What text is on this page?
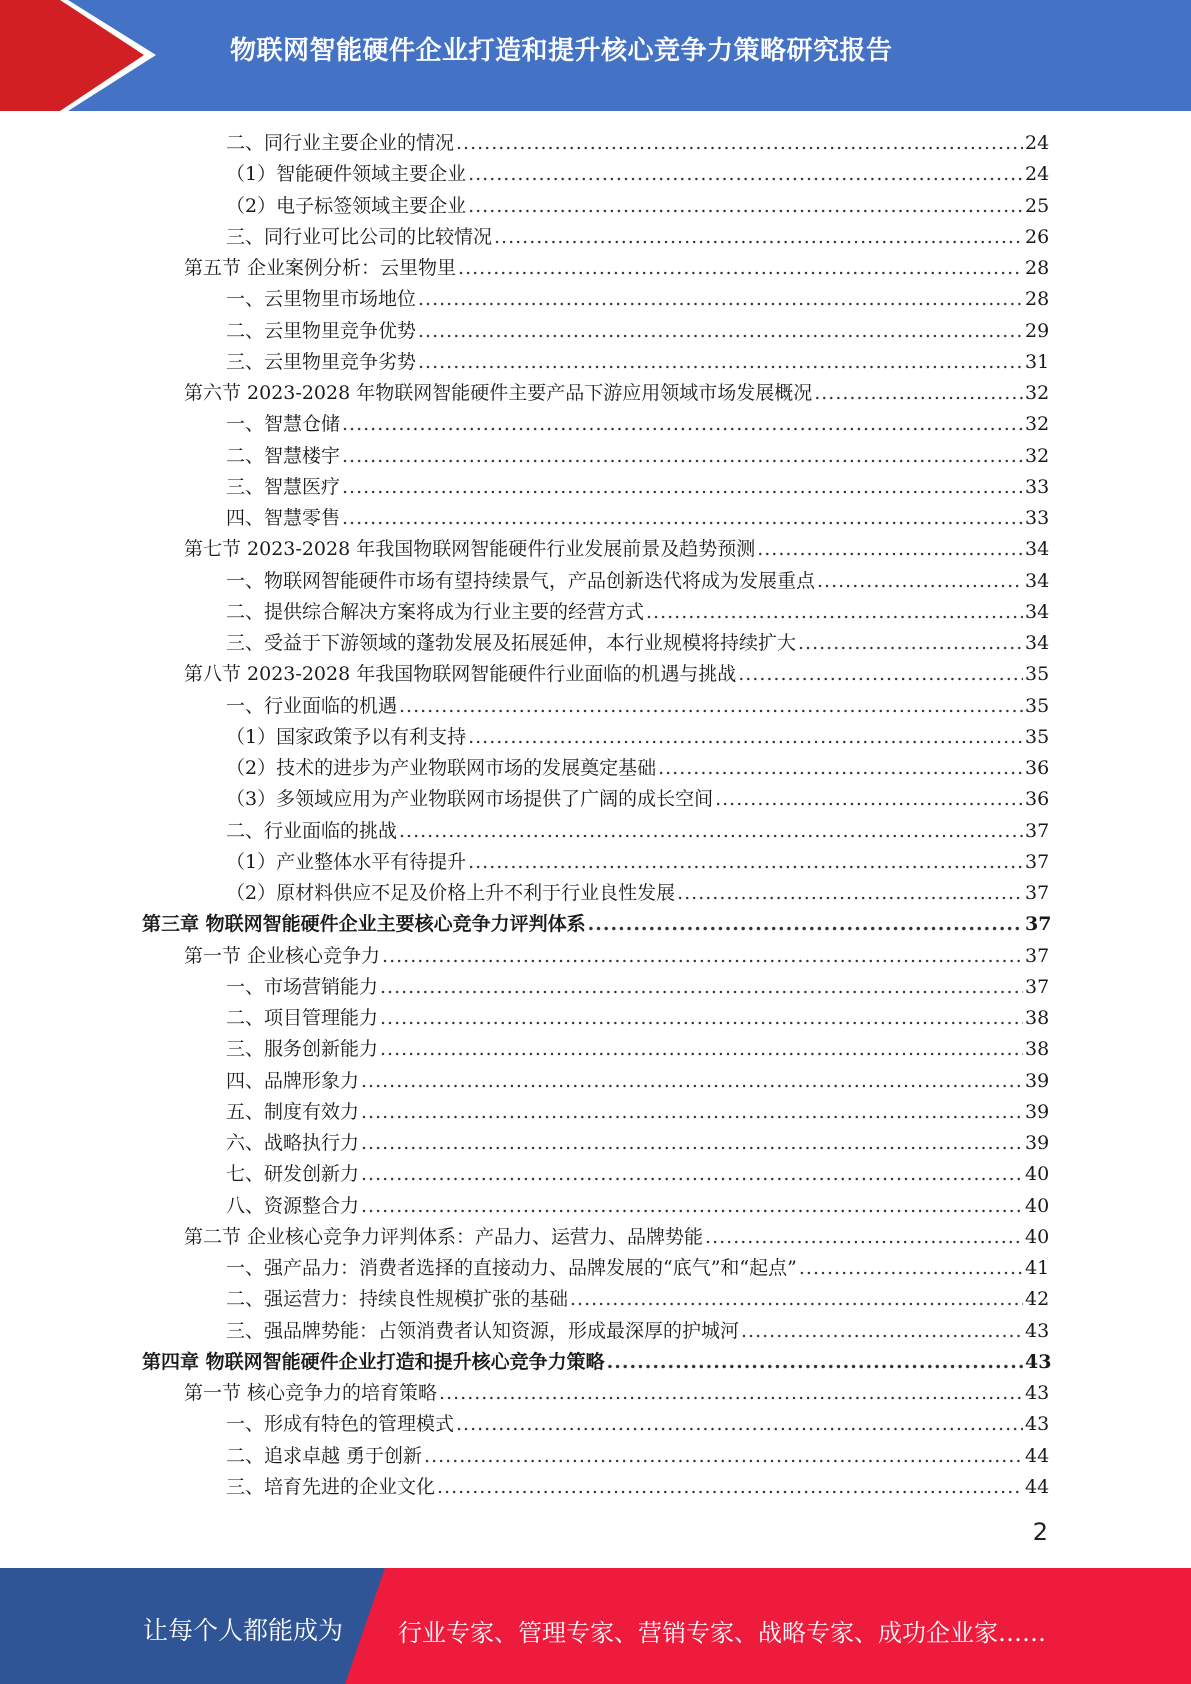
物联网智能硬件企业打造和提升核心竞争力策略研究报告
二、同行业主要企业的情况 .....	24
（1）智能硬件领域主要企业 .....	24
（2）电子标签领域主要企业 .....	25
三、同行业可比公司的比较情况 .....	26
第五节 企业案例分析：云里物里 .....	28
一、云里物里市场地位 .....	28
二、云里物里竞争优势 .....	29
三、云里物里竞争劣势 .....	31
第六节 2023-2028 年物联网智能硬件主要产品下游应用领域市场发展概况 .....	32
一、智慧仓储 .....	32
二、智慧楼宇 .....	32
三、智慧医疗 .....	33
四、智慧零售 .....	33
第七节 2023-2028 年我国物联网智能硬件行业发展前景及趋势预测 .....	34
一、物联网智能硬件市场有望持续景气，产品创新迭代将成为发展重点 .....	34
二、提供综合解决方案将成为行业主要的经营方式 .....	34
三、受益于下游领域的蓬勃发展及拓展延伸，本行业规模将持续扩大 .....	34
第八节 2023-2028 年我国物联网智能硬件行业面临的机遇与挑战 .....	35
一、行业面临的机遇 .....	35
（1）国家政策予以有利支持 .....	35
（2）技术的进步为产业物联网市场的发展奠定基础 .....	36
（3）多领域应用为产业物联网市场提供了广阔的成长空间 .....	36
二、行业面临的挑战 .....	37
（1）产业整体水平有待提升 .....	37
（2）原材料供应不足及价格上升不利于行业良性发展 .....	37
第三章 物联网智能硬件企业主要核心竞争力评判体系 .....	37
第一节 企业核心竞争力 .....	37
一、市场营销能力 .....	37
二、项目管理能力 .....	38
三、服务创新能力 .....	38
四、品牌形象力 .....	39
五、制度有效力 .....	39
六、战略执行力 .....	39
七、研发创新力 .....	40
八、资源整合力 .....	40
第二节 企业核心竞争力评判体系：产品力、运营力、品牌势能 .....	40
一、强产品力：消费者选择的直接动力、品牌发展的“底气”和“起点” .....	41
二、强运营力：持续良性规模扩张的基础 .....	42
三、强品牌势能：占领消费者认知资源，形成最深厚的护城河 .....	43
第四章 物联网智能硬件企业打造和提升核心竞争力策略 .....	43
第一节 核心竞争力的培育策略 .....	43
一、形成有特色的管理模式 .....	43
二、追求卓越 勇于创新 .....	44
三、培育先进的企业文化 .....	44
2
让每个人都能成为 行业专家、管理专家、营销专家、战略专家、成功企业家……
